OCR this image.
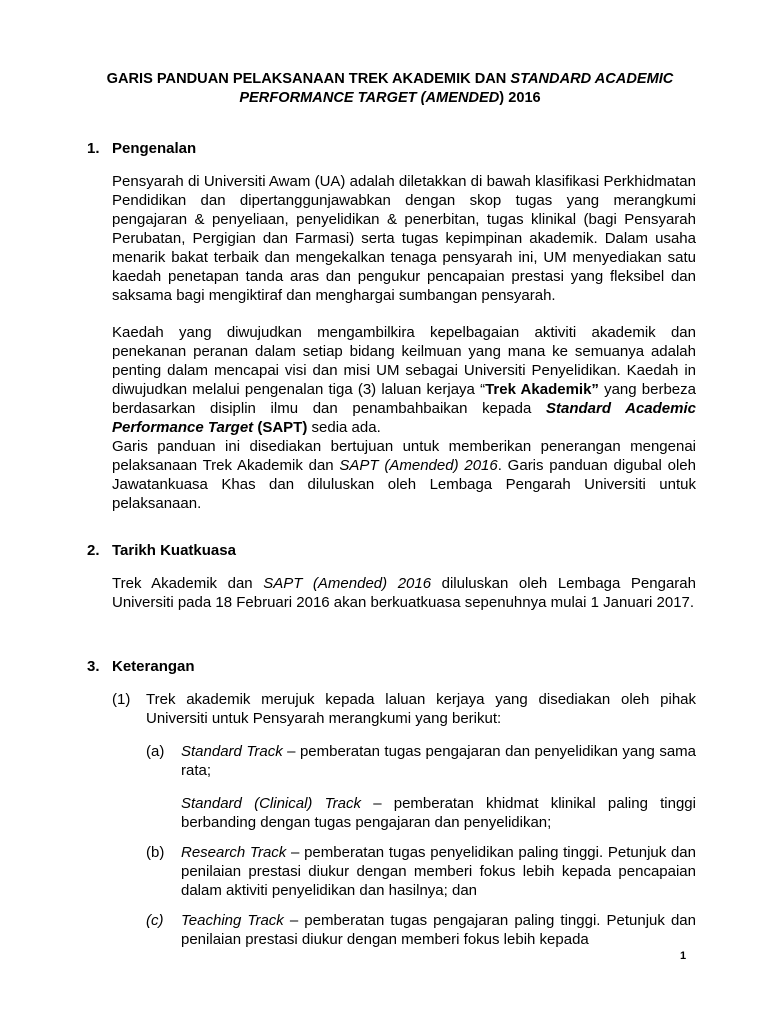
GARIS PANDUAN PELAKSANAAN TREK AKADEMIK DAN STANDARD ACADEMIC PERFORMANCE TARGET (AMENDED) 2016
1. Pengenalan

Pensyarah di Universiti Awam (UA) adalah diletakkan di bawah klasifikasi Perkhidmatan Pendidikan dan dipertanggunjawabkan dengan skop tugas yang merangkumi pengajaran & penyeliaan, penyelidikan & penerbitan, tugas klinikal (bagi Pensyarah Perubatan, Pergigian dan Farmasi) serta tugas kepimpinan akademik. Dalam usaha menarik bakat terbaik dan mengekalkan tenaga pensyarah ini, UM menyediakan satu kaedah penetapan tanda aras dan pengukur pencapaian prestasi yang fleksibel dan saksama bagi mengiktiraf dan menghargai sumbangan pensyarah.

Kaedah yang diwujudkan mengambilkira kepelbagaian aktiviti akademik dan penekanan peranan dalam setiap bidang keilmuan yang mana ke semuanya adalah penting dalam mencapai visi dan misi UM sebagai Universiti Penyelidikan. Kaedah in diwujudkan melalui pengenalan tiga (3) laluan kerjaya “Trek Akademik” yang berbeza berdasarkan disiplin ilmu dan penambahbaikan kepada Standard Academic Performance Target (SAPT) sedia ada.

Garis panduan ini disediakan bertujuan untuk memberikan penerangan mengenai pelaksanaan Trek Akademik dan SAPT (Amended) 2016. Garis panduan digubal oleh Jawatankuasa Khas dan diluluskan oleh Lembaga Pengarah Universiti untuk pelaksanaan.

2. Tarikh Kuatkuasa

Trek Akademik dan SAPT (Amended) 2016 diluluskan oleh Lembaga Pengarah Universiti pada 18 Februari 2016 akan berkuatkuasa sepenuhnya mulai 1 Januari 2017.

3. Keterangan
(1) Trek akademik merujuk kepada laluan kerjaya yang disediakan oleh pihak Universiti untuk Pensyarah merangkumi yang berikut:

(a) Standard Track – pemberatan tugas pengajaran dan penyelidikan yang sama rata;

Standard (Clinical) Track – pemberatan khidmat klinikal paling tinggi berbanding dengan tugas pengajaran dan penyelidikan;

(b) Research Track – pemberatan tugas penyelidikan paling tinggi. Petunjuk dan penilaian prestasi diukur dengan memberi fokus lebih kepada pencapaian dalam aktiviti penyelidikan dan hasilnya; dan

(c) Teaching Track – pemberatan tugas pengajaran paling tinggi. Petunjuk dan penilaian prestasi diukur dengan memberi fokus lebih kepada

1
